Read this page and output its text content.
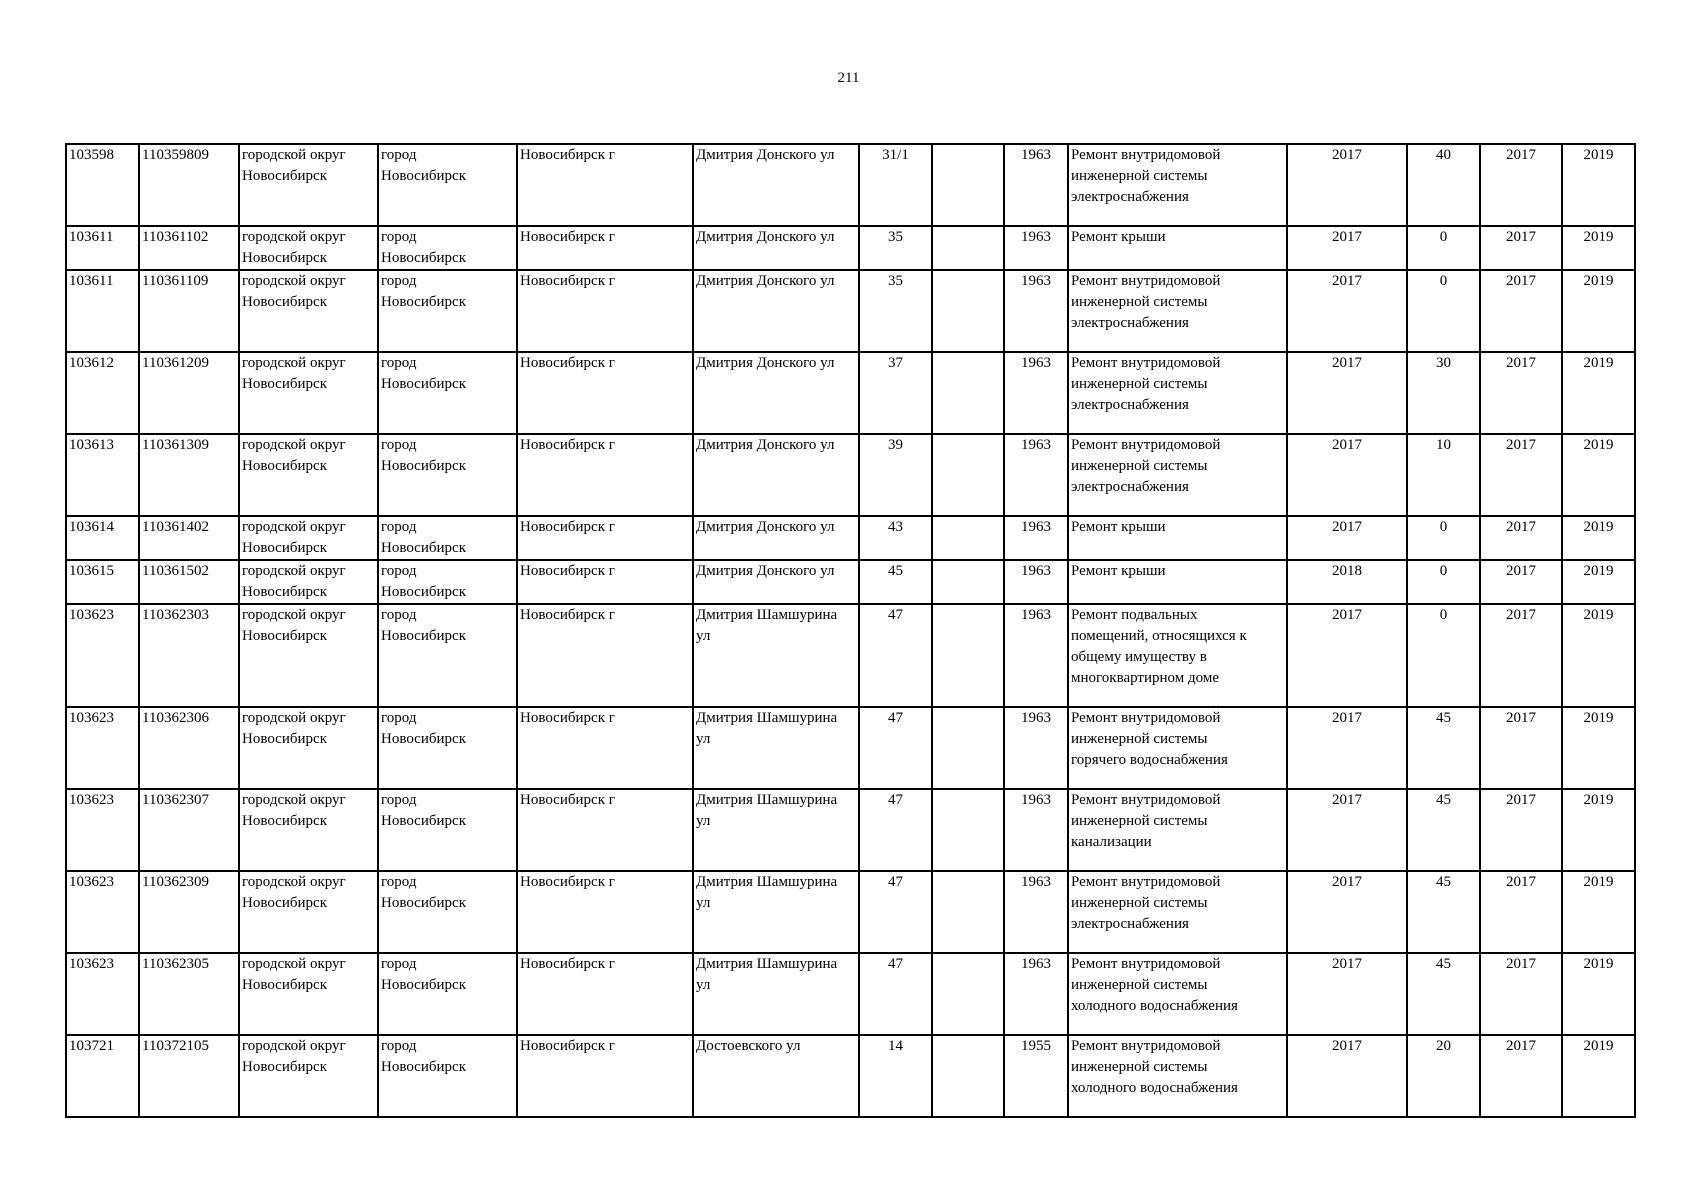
211
103598	110359809	городской округ
Новосибирск	город
Новосибирск	Новосибирск г	Дмитрия Донского ул	31/1		1963	Ремонт внутридомовой
инженерной системы
электроснабжения	2017	40	2017	2019
103611	110361102	городской округ
Новосибирск	город
Новосибирск	Новосибирск г	Дмитрия Донского ул	35		1963	Ремонт крыши	2017	0	2017	2019
103611	110361109	городской округ
Новосибирск	город
Новосибирск	Новосибирск г	Дмитрия Донского ул	35		1963	Ремонт внутридомовой
инженерной системы
электроснабжения	2017	0	2017	2019
103612	110361209	городской округ
Новосибирск	город
Новосибирск	Новосибирск г	Дмитрия Донского ул	37		1963	Ремонт внутридомовой
инженерной системы
электроснабжения	2017	30	2017	2019
103613	110361309	городской округ
Новосибирск	город
Новосибирск	Новосибирск г	Дмитрия Донского ул	39		1963	Ремонт внутридомовой
инженерной системы
электроснабжения	2017	10	2017	2019
103614	110361402	городской округ
Новосибирск	город
Новосибирск	Новосибирск г	Дмитрия Донского ул	43		1963	Ремонт крыши	2017	0	2017	2019
103615	110361502	городской округ
Новосибирск	город
Новосибирск	Новосибирск г	Дмитрия Донского ул	45		1963	Ремонт крыши	2018	0	2017	2019
103623	110362303	городской округ
Новосибирск	город
Новосибирск	Новосибирск г	Дмитрия Шамшурина
ул	47		1963	Ремонт подвальных
помещений, относящихся к
общему имуществу в
многоквартирном доме	2017	0	2017	2019
103623	110362306	городской округ
Новосибирск	город
Новосибирск	Новосибирск г	Дмитрия Шамшурина
ул	47		1963	Ремонт внутридомовой
инженерной системы
горячего водоснабжения	2017	45	2017	2019
103623	110362307	городской округ
Новосибирск	город
Новосибирск	Новосибирск г	Дмитрия Шамшурина
ул	47		1963	Ремонт внутридомовой
инженерной системы
канализации	2017	45	2017	2019
103623	110362309	городской округ
Новосибирск	город
Новосибирск	Новосибирск г	Дмитрия Шамшурина
ул	47		1963	Ремонт внутридомовой
инженерной системы
электроснабжения	2017	45	2017	2019
103623	110362305	городской округ
Новосибирск	город
Новосибирск	Новосибирск г	Дмитрия Шамшурина
ул	47		1963	Ремонт внутридомовой
инженерной системы
холодного водоснабжения	2017	45	2017	2019
103721	110372105	городской округ
Новосибирск	город
Новосибирск	Новосибирск г	Достоевского ул	14		1955	Ремонт внутридомовой
инженерной системы
холодного водоснабжения	2017	20	2017	2019
